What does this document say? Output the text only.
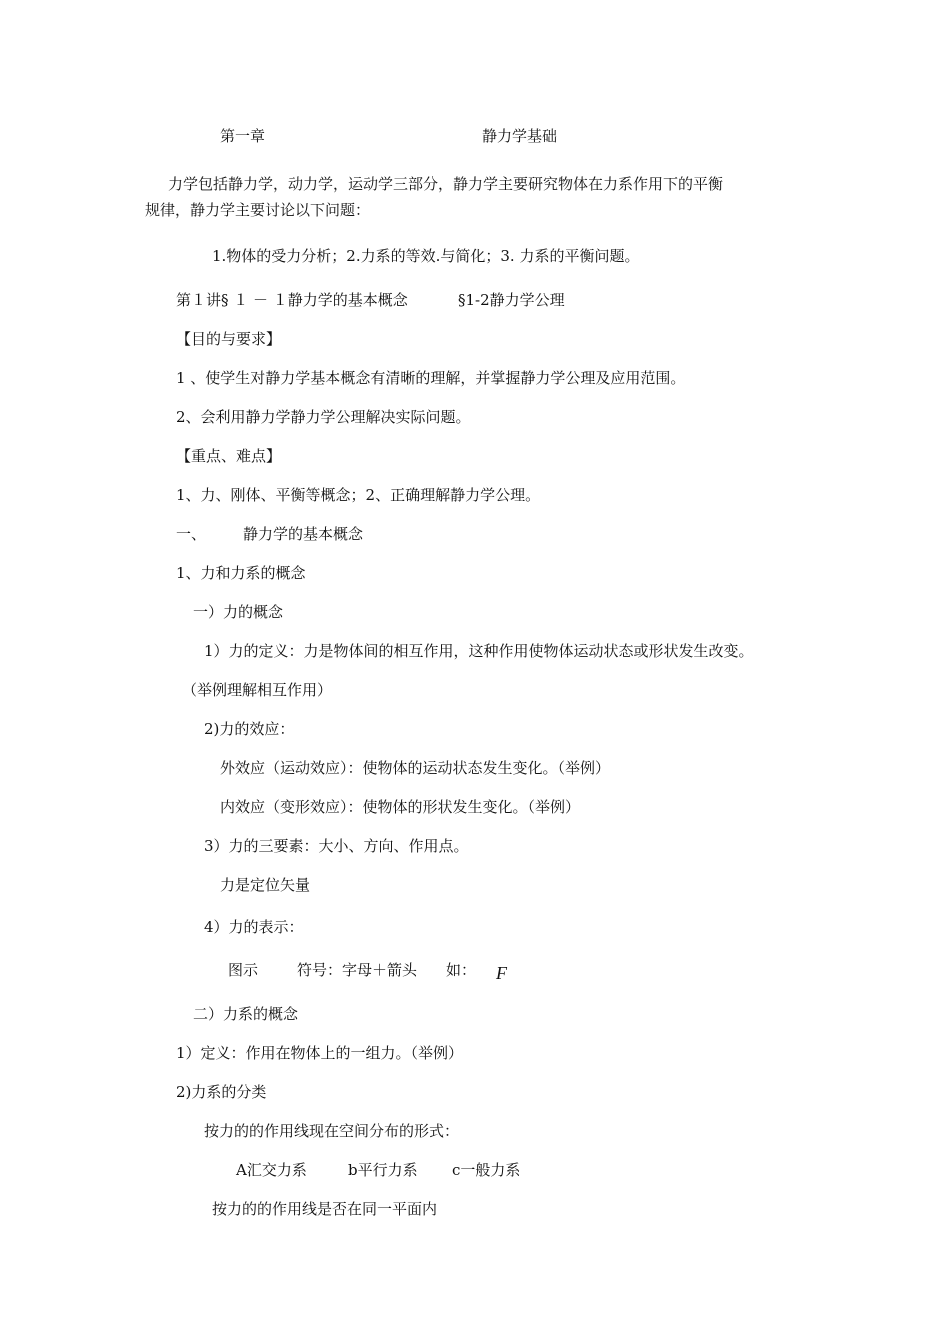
第一章	静力学基础
力学包括静力学，动力学，运动学三部分，静力学主要研究物体在力系作用下的平衡
规律，静力学主要讨论以下问题：
1.物体的受力分析；2.力系的等效.与简化；3. 力系的平衡问题。
第１讲§ １ － １静力学的基本概念	§1-2静力学公理
【目的与要求】
1 、使学生对静力学基本概念有清晰的理解，并掌握静力学公理及应用范围。
2、会利用静力学静力学公理解决实际问题。
【重点、难点】
1、力、刚体、平衡等概念；2、正确理解静力学公理。
一、 静力学的基本概念
1、力和力系的概念
一）力的概念
1）力的定义：力是物体间的相互作用，这种作用使物体运动状态或形状发生改变。
（举例理解相互作用）
2)力的效应：
外效应（运动效应）：使物体的运动状态发生变化。（举例）
内效应（变形效应）：使物体的形状发生变化。（举例）
3）力的三要素：大小、方向、作用点。
力是定位矢量
4）力的表示：
图示	符号：字母＋箭头 如： F
二）力系的概念
1）定义：作用在物体上的一组力。（举例）
2)力系的分类
按力的的作用线现在空间分布的形式：
A汇交力系	b平行力系 c一般力系
按力的的作用线是否在同一平面内
